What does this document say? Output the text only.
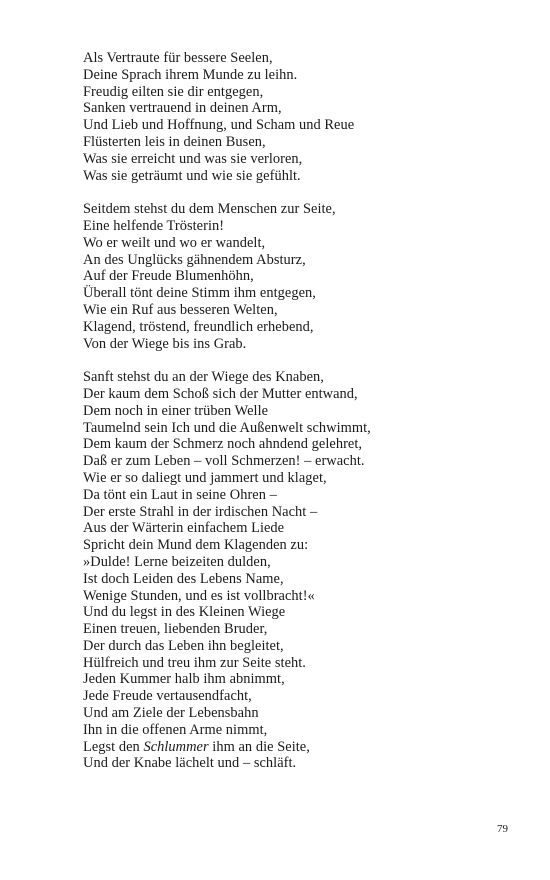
Als Vertraute für bessere Seelen,
Deine Sprach ihrem Munde zu leihn.
Freudig eilten sie dir entgegen,
Sanken vertrauend in deinen Arm,
Und Lieb und Hoffnung, und Scham und Reue
Flüsterten leis in deinen Busen,
Was sie erreicht und was sie verloren,
Was sie geträumt und wie sie gefühlt.
Seitdem stehst du dem Menschen zur Seite,
Eine helfende Trösterin!
Wo er weilt und wo er wandelt,
An des Unglücks gähnendem Absturz,
Auf der Freude Blumenhöhn,
Überall tönt deine Stimm ihm entgegen,
Wie ein Ruf aus besseren Welten,
Klagend, tröstend, freundlich erhebend,
Von der Wiege bis ins Grab.
Sanft stehst du an der Wiege des Knaben,
Der kaum dem Schoß sich der Mutter entwand,
Dem noch in einer trüben Welle
Taumelnd sein Ich und die Außenwelt schwimmt,
Dem kaum der Schmerz noch ahndend gelehret,
Daß er zum Leben – voll Schmerzen! – erwacht.
Wie er so daliegt und jammert und klaget,
Da tönt ein Laut in seine Ohren –
Der erste Strahl in der irdischen Nacht –
Aus der Wärterin einfachem Liede
Spricht dein Mund dem Klagenden zu:
»Dulde! Lerne beizeiten dulden,
Ist doch Leiden des Lebens Name,
Wenige Stunden, und es ist vollbracht!«
Und du legst in des Kleinen Wiege
Einen treuen, liebenden Bruder,
Der durch das Leben ihn begleitet,
Hülfreich und treu ihm zur Seite steht.
Jeden Kummer halb ihm abnimmt,
Jede Freude vertausendfacht,
Und am Ziele der Lebensbahn
Ihn in die offenen Arme nimmt,
Legst den Schlummer ihm an die Seite,
Und der Knabe lächelt und – schläft.
79
